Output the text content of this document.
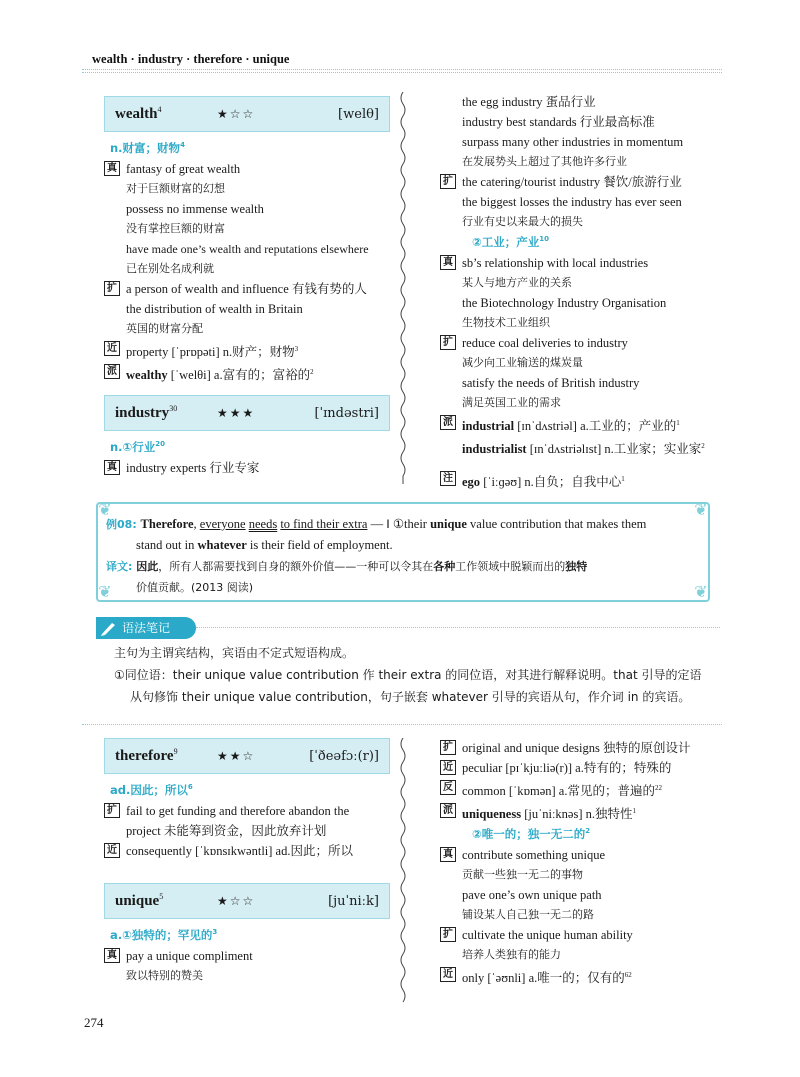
wealth · industry · therefore · unique
wealth$^4$	★☆☆	[welθ]
n.财富；财物$^4$
真 fantasy of great wealth
对于巨额财富的幻想
possess no immense wealth
没有掌控巨额的财富
have made one’s wealth and reputations elsewhere
已在别处名成利就
扩 a person of wealth and influence 有钱有势的人
the distribution of wealth in Britain
英国的财富分配
近 property [ˈprɒpəti] n.财产；财物$^3$
派 wealthy [ˈwelθi] a.富有的；富裕的$^2$
industry$^{30}$	★★★	[ˈɪndəstri]
n.①行业$^{20}$
真 industry experts 行业专家
the egg industry 蛋品行业
industry best standards 行业最高标准
surpass many other industries in momentum
在发展势头上超过了其他许多行业
扩 the catering/tourist industry 餐饮/旅游行业
the biggest losses the industry has ever seen
行业有史以来最大的损失
②工业；产业$^{10}$
真 sb’s relationship with local industries
某人与地方产业的关系
the Biotechnology Industry Organisation
生物技术工业组织
扩 reduce coal deliveries to industry
减少向工业输送的煤炭量
satisfy the needs of British industry
满足英国工业的需求
派 industrial [ɪnˈdʌstriəl] a.工业的；产业的$^1$
industrialist [ɪnˈdʌstriəlɪst] n.工业家；实业家$^2$
注 ego [ˈiːɡəʊ] n.自负；自我中心$^1$
❦	❦
❦	❦
例08: Therefore, everyone needs to find their extra — ‖ ①their unique value contribution that makes them
stand out in whatever is their field of employment.
译文: 因此，所有人都需要找到自身的额外价值——一种可以令其在各种工作领域中脱颖而出的独特
价值贡献。(2013 阅读)
语法笔记
主句为主谓宾结构，宾语由不定式短语构成。
①同位语：their unique value contribution 作 their extra 的同位语，对其进行解释说明。that 引导的定语
从句修饰 their unique value contribution，句子嵌套 whatever 引导的宾语从句，作介词 in 的宾语。
therefore$^9$	★★☆	[ˈðeəfɔː(r)]
ad.因此；所以$^6$
扩 fail to get funding and therefore abandon the
project 未能筹到资金，因此放弃计划
近 consequently [ˈkɒnsɪkwəntli] ad.因此；所以
unique$^5$	★☆☆	[juˈniːk]
a.①独特的；罕见的$^3$
真 pay a unique compliment
致以特别的赞美
扩 original and unique designs 独特的原创设计
近 peculiar [pɪˈkjuːliə(r)] a.特有的；特殊的
反 common [ˈkɒmən] a.常见的；普遍的$^{22}$
派 uniqueness [juˈniːknəs] n.独特性$^1$
②唯一的；独一无二的$^2$
真 contribute something unique
贡献一些独一无二的事物
pave one’s own unique path
铺设某人自己独一无二的路
扩 cultivate the unique human ability
培养人类独有的能力
近 only [ˈəʊnli] a.唯一的；仅有的$^{62}$
274
